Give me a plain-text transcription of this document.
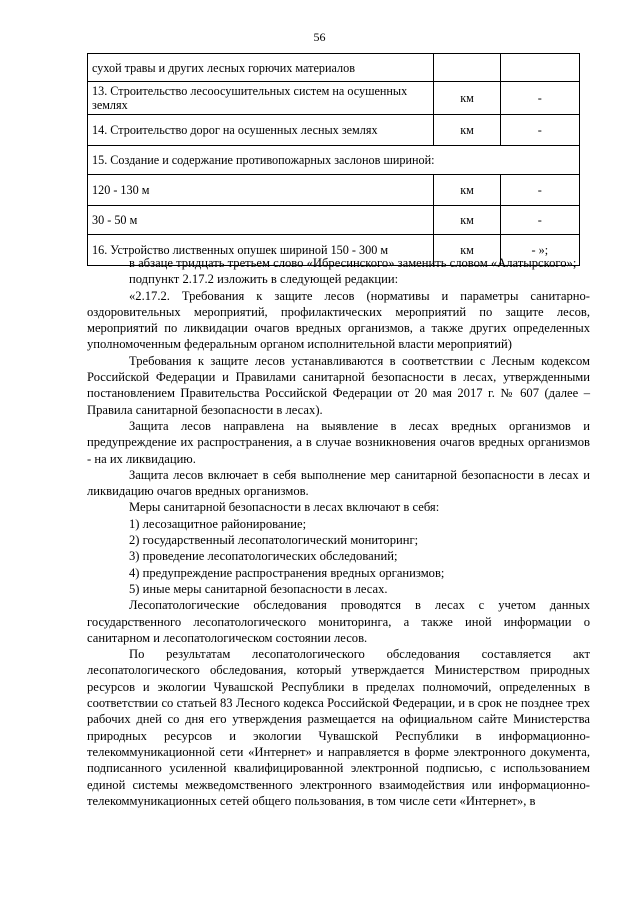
56
сухой травы и других лесных горючих материалов		
13. Строительство лесоосушительных систем на осушенных землях	км	-
14. Строительство дорог на осушенных лесных землях	км	-
15. Создание и содержание противопожарных заслонов шириной:		
120 - 130 м	км	-
30 - 50 м	км	-
16. Устройство лиственных опушек шириной 150 - 300 м	км	- »;

в абзаце тридцать третьем слово «Ибресинского» заменить словом «Алатырского»;

подпункт 2.17.2 изложить в следующей редакции:

«2.17.2. Требования к защите лесов (нормативы и параметры санитарно-оздоровительных мероприятий, профилактических мероприятий по защите лесов, мероприятий по ликвидации очагов вредных организмов, а также других определенных уполномоченным федеральным органом исполнительной власти мероприятий)

Требования к защите лесов устанавливаются в соответствии с Лесным кодексом Российской Федерации и Правилами санитарной безопасности в лесах, утвержденными постановлением Правительства Российской Федерации от 20 мая 2017 г. № 607 (далее – Правила санитарной безопасности в лесах).

Защита лесов направлена на выявление в лесах вредных организмов и предупреждение их распространения, а в случае возникновения очагов вредных организмов - на их ликвидацию.

Защита лесов включает в себя выполнение мер санитарной безопасности в лесах и ликвидацию очагов вредных организмов.

Меры санитарной безопасности в лесах включают в себя:

1) лесозащитное районирование;

2) государственный лесопатологический мониторинг;

3) проведение лесопатологических обследований;

4) предупреждение распространения вредных организмов;

5) иные меры санитарной безопасности в лесах.

Лесопатологические обследования проводятся в лесах с учетом данных государственного лесопатологического мониторинга, а также иной информации о санитарном и лесопатологическом состоянии лесов.

По результатам лесопатологического обследования составляется акт лесопатологического обследования, который утверждается Министерством природных ресурсов и экологии Чувашской Республики в пределах полномочий, определенных в соответствии со статьей 83 Лесного кодекса Российской Федерации, и в срок не позднее трех рабочих дней со дня его утверждения размещается на официальном сайте Министерства природных ресурсов и экологии Чувашской Республики в информационно-телекоммуникационной сети «Интернет» и направляется в форме электронного документа, подписанного усиленной квалифицированной электронной подписью, с использованием единой системы межведомственного электронного взаимодействия или информационно-телекоммуникационных сетей общего пользования, в том числе сети «Интернет», в
